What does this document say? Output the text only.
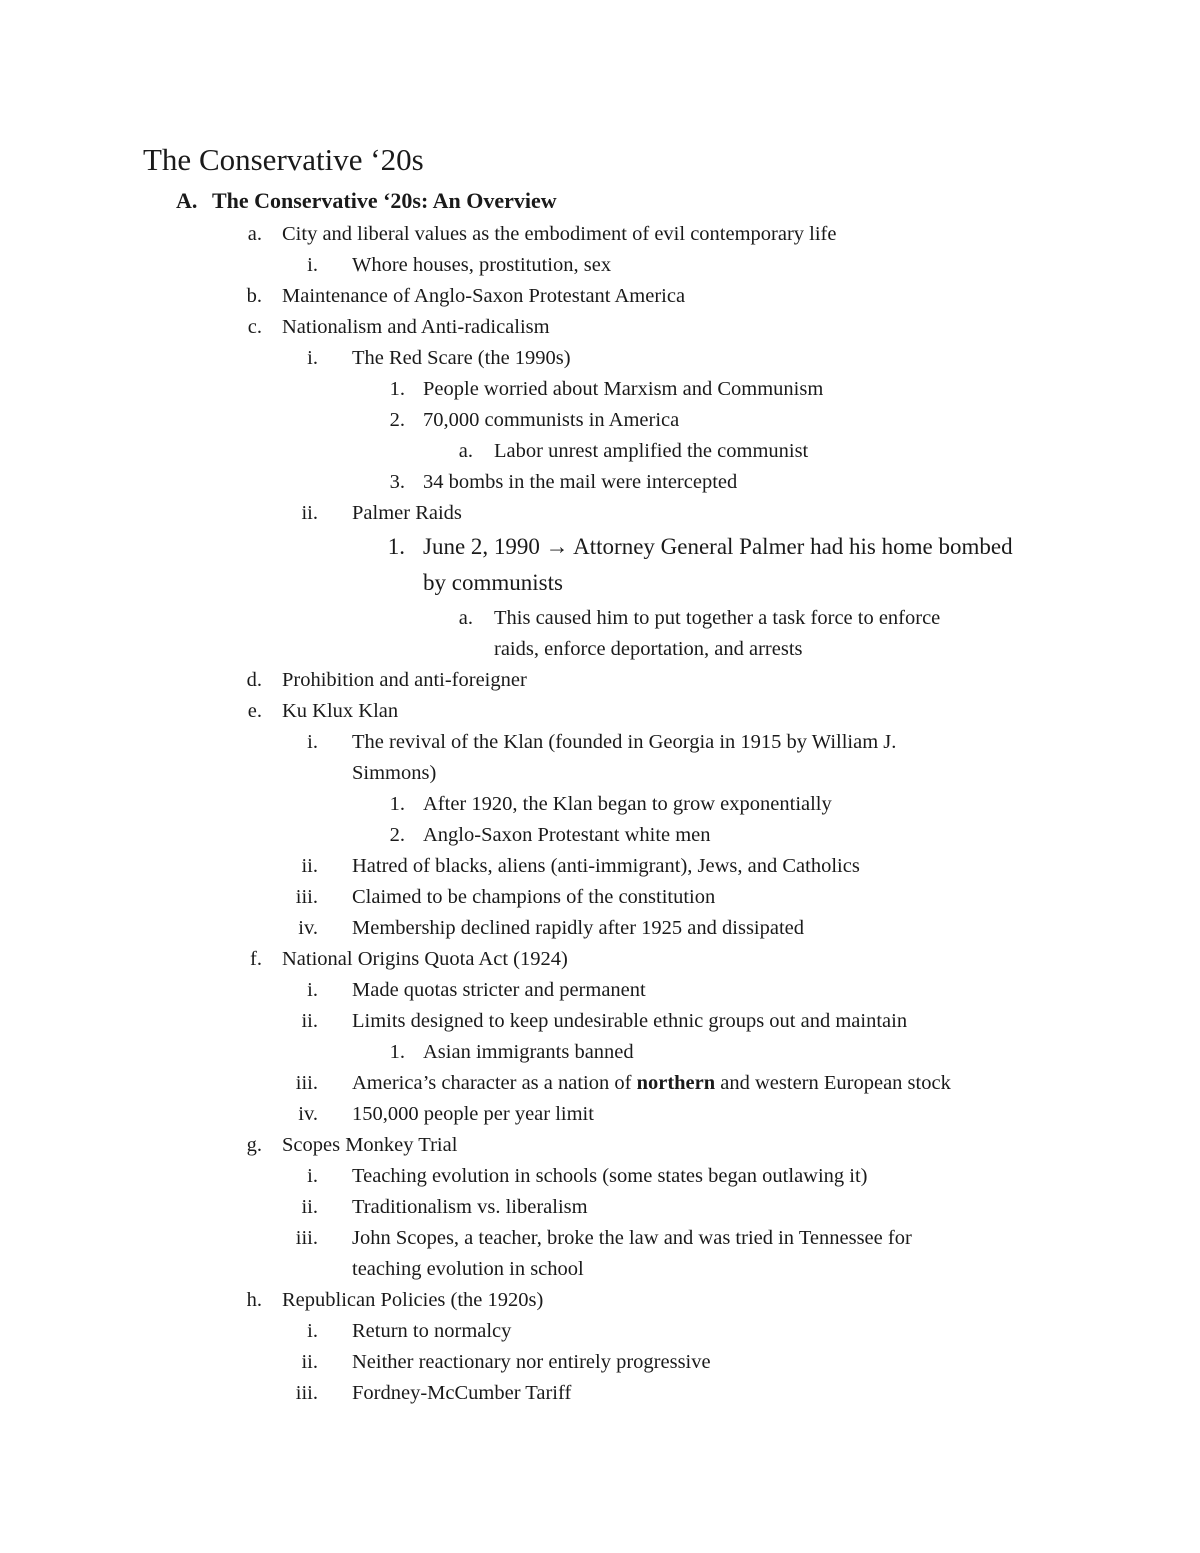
The Conservative ‘20s
A. The Conservative ‘20s: An Overview
a. City and liberal values as the embodiment of evil contemporary life
i. Whore houses, prostitution, sex
b. Maintenance of Anglo-Saxon Protestant America
c. Nationalism and Anti-radicalism
i. The Red Scare (the 1990s)
1. People worried about Marxism and Communism
2. 70,000 communists in America
a. Labor unrest amplified the communist
3. 34 bombs in the mail were intercepted
ii. Palmer Raids
1. June 2, 1990 → Attorney General Palmer had his home bombed
by communists
a. This caused him to put together a task force to enforce
raids, enforce deportation, and arrests
d. Prohibition and anti-foreigner
e. Ku Klux Klan
i. The revival of the Klan (founded in Georgia in 1915 by William J.
Simmons)
1. After 1920, the Klan began to grow exponentially
2. Anglo-Saxon Protestant white men
ii. Hatred of blacks, aliens (anti-immigrant), Jews, and Catholics
iii. Claimed to be champions of the constitution
iv. Membership declined rapidly after 1925 and dissipated
f. National Origins Quota Act (1924)
i. Made quotas stricter and permanent
ii. Limits designed to keep undesirable ethnic groups out and maintain
1. Asian immigrants banned
iii. America’s character as a nation of northern and western European stock
iv. 150,000 people per year limit
g. Scopes Monkey Trial
i. Teaching evolution in schools (some states began outlawing it)
ii. Traditionalism vs. liberalism
iii. John Scopes, a teacher, broke the law and was tried in Tennessee for
teaching evolution in school
h. Republican Policies (the 1920s)
i. Return to normalcy
ii. Neither reactionary nor entirely progressive
iii. Fordney-McCumber Tariff
